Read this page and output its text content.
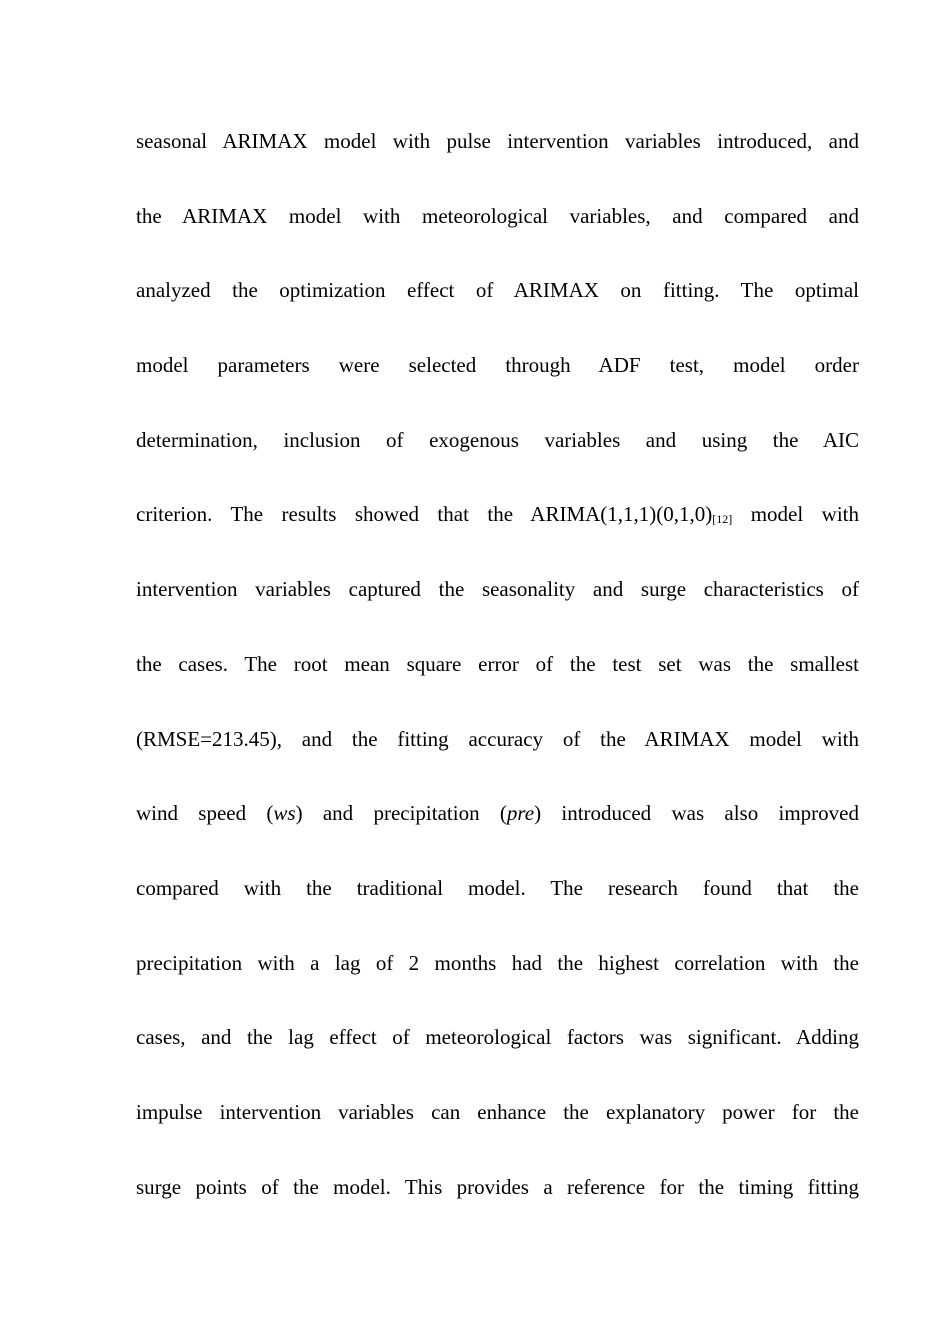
seasonal ARIMAX model with pulse intervention variables introduced, and
the ARIMAX model with meteorological variables, and compared and
analyzed the optimization effect of ARIMAX on fitting. The optimal
model parameters were selected through ADF test, model order
determination, inclusion of exogenous variables and using the AIC
criterion. The results showed that the ARIMA(1,1,1)(0,1,0)[12] model with
intervention variables captured the seasonality and surge characteristics of
the cases. The root mean square error of the test set was the smallest
(RMSE=213.45), and the fitting accuracy of the ARIMAX model with
wind speed (ws) and precipitation (pre) introduced was also improved
compared with the traditional model. The research found that the
precipitation with a lag of 2 months had the highest correlation with the
cases, and the lag effect of meteorological factors was significant. Adding
impulse intervention variables can enhance the explanatory power for the
surge points of the model. This provides a reference for the timing fitting
